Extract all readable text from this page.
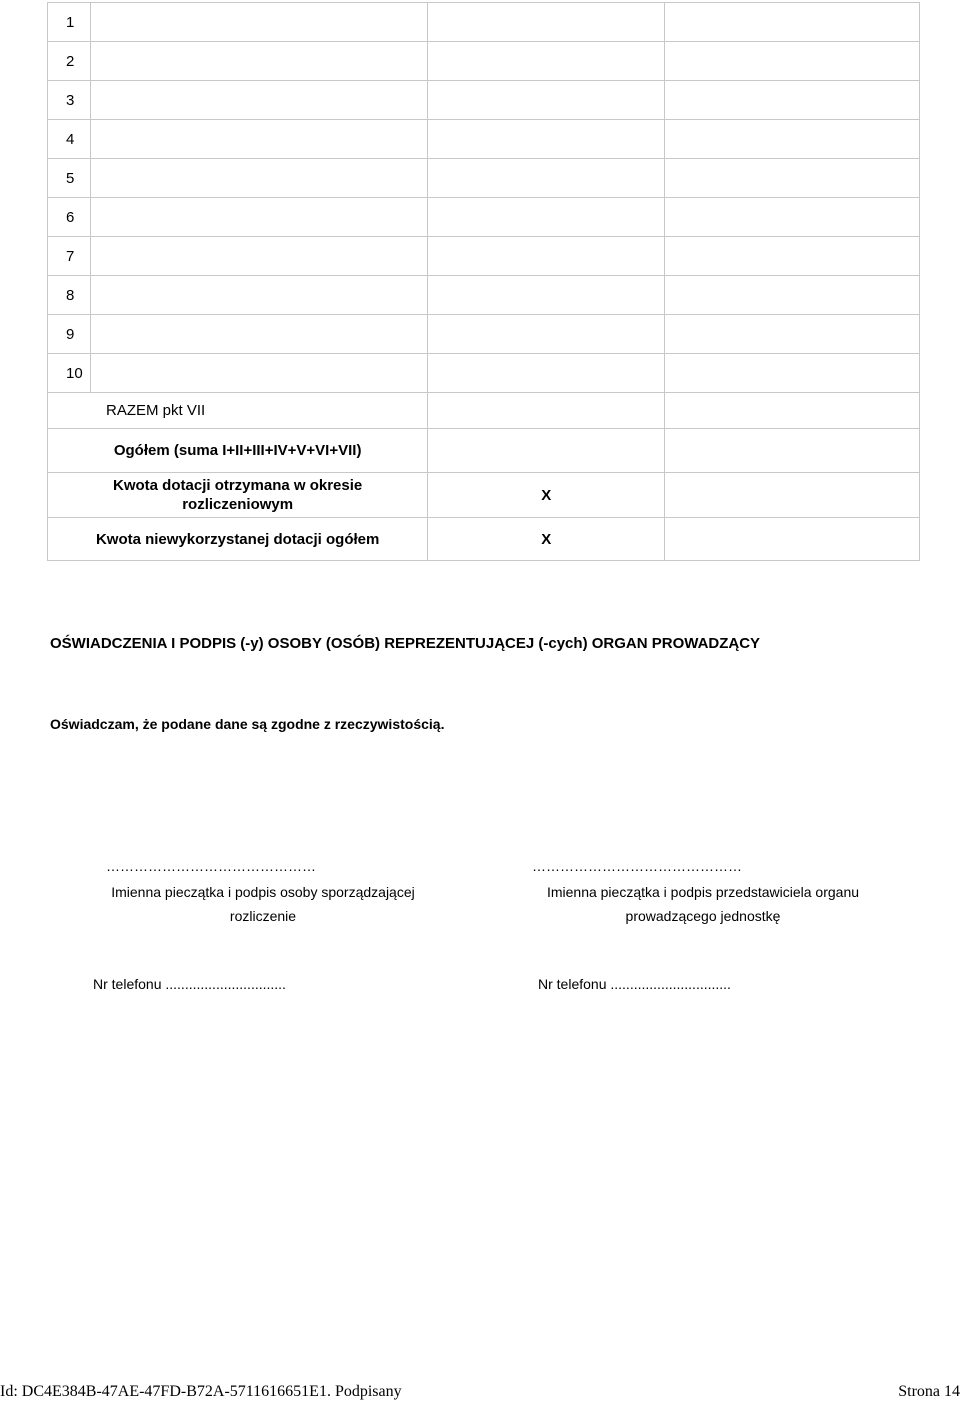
1			
2			
3			
4			
5			
6			
7			
8			
9			
10			
RAZEM pkt VII			
Ogółem (suma I+II+III+IV+V+VI+VII)			
Kwota dotacji otrzymana w okresie
rozliczeniowym		X	
Kwota niewykorzystanej dotacji ogółem		X	
OŚWIADCZENIA I PODPIS (-y) OSOBY (OSÓB) REPREZENTUJĄCEJ (-cych) ORGAN PROWADZĄCY
Oświadczam, że podane dane są zgodne z rzeczywistością.
………………………………………	………………………………………
Imienna pieczątka i podpis osoby sporządzającej
rozliczenie
Imienna pieczątka i podpis przedstawiciela organu
prowadzącego jednostkę
Nr telefonu ...............................	Nr telefonu ...............................
Id: DC4E384B-47AE-47FD-B72A-5711616651E1. Podpisany	Strona 14
